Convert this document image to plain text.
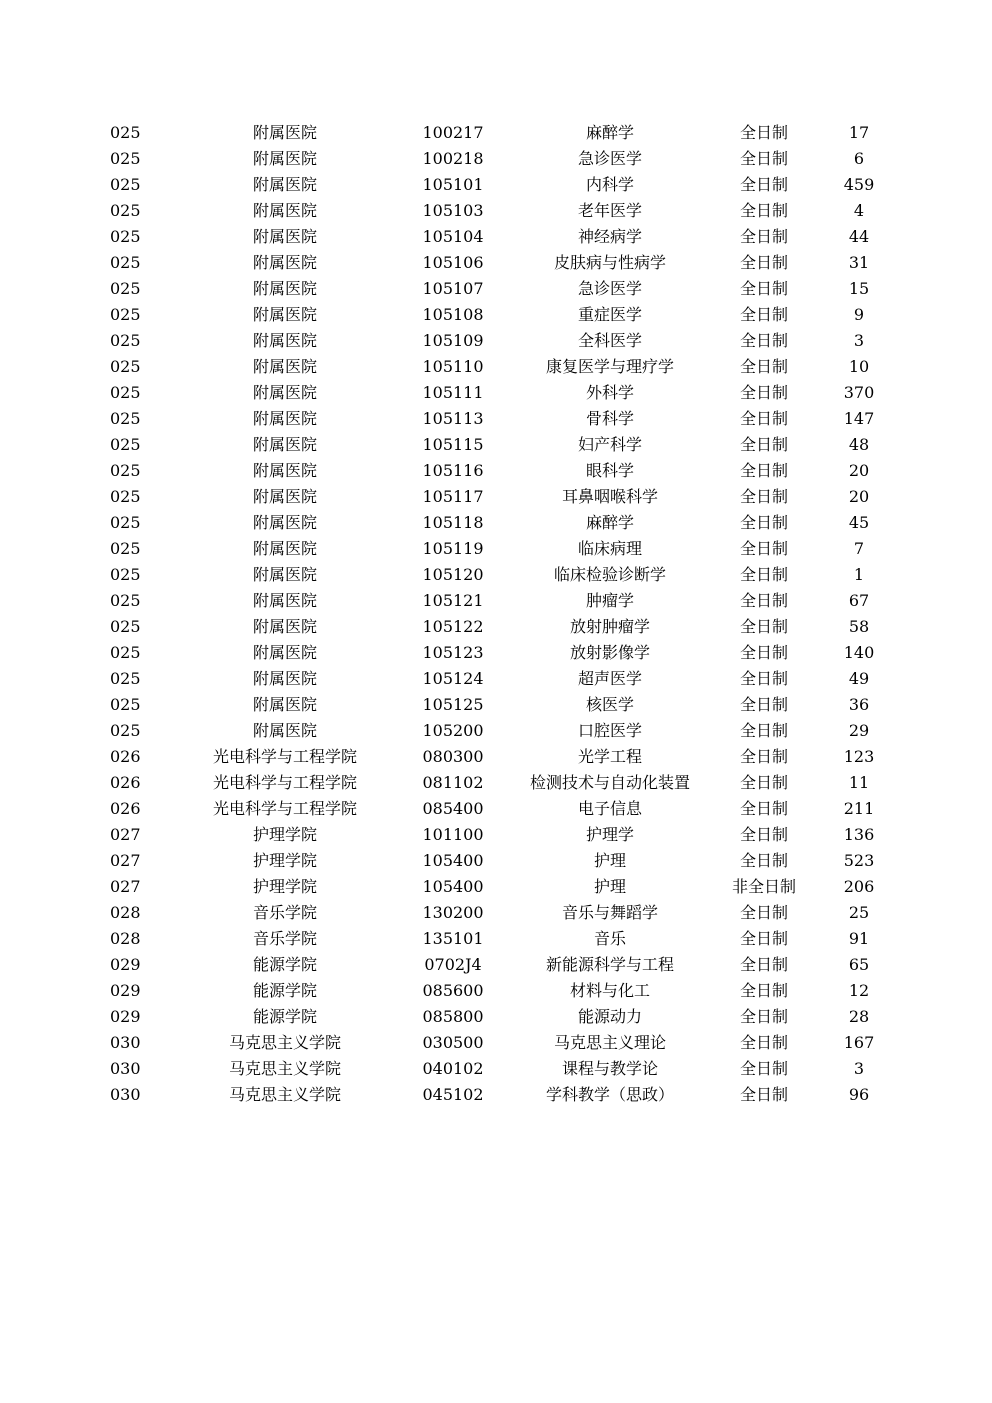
025	附属医院	100217	麻醉学	全日制	17
025	附属医院	100218	急诊医学	全日制	6
025	附属医院	105101	内科学	全日制	459
025	附属医院	105103	老年医学	全日制	4
025	附属医院	105104	神经病学	全日制	44
025	附属医院	105106	皮肤病与性病学	全日制	31
025	附属医院	105107	急诊医学	全日制	15
025	附属医院	105108	重症医学	全日制	9
025	附属医院	105109	全科医学	全日制	3
025	附属医院	105110	康复医学与理疗学	全日制	10
025	附属医院	105111	外科学	全日制	370
025	附属医院	105113	骨科学	全日制	147
025	附属医院	105115	妇产科学	全日制	48
025	附属医院	105116	眼科学	全日制	20
025	附属医院	105117	耳鼻咽喉科学	全日制	20
025	附属医院	105118	麻醉学	全日制	45
025	附属医院	105119	临床病理	全日制	7
025	附属医院	105120	临床检验诊断学	全日制	1
025	附属医院	105121	肿瘤学	全日制	67
025	附属医院	105122	放射肿瘤学	全日制	58
025	附属医院	105123	放射影像学	全日制	140
025	附属医院	105124	超声医学	全日制	49
025	附属医院	105125	核医学	全日制	36
025	附属医院	105200	口腔医学	全日制	29
026	光电科学与工程学院	080300	光学工程	全日制	123
026	光电科学与工程学院	081102	检测技术与自动化装置	全日制	11
026	光电科学与工程学院	085400	电子信息	全日制	211
027	护理学院	101100	护理学	全日制	136
027	护理学院	105400	护理	全日制	523
027	护理学院	105400	护理	非全日制	206
028	音乐学院	130200	音乐与舞蹈学	全日制	25
028	音乐学院	135101	音乐	全日制	91
029	能源学院	0702J4	新能源科学与工程	全日制	65
029	能源学院	085600	材料与化工	全日制	12
029	能源学院	085800	能源动力	全日制	28
030	马克思主义学院	030500	马克思主义理论	全日制	167
030	马克思主义学院	040102	课程与教学论	全日制	3
030	马克思主义学院	045102	学科教学（思政）	全日制	96
